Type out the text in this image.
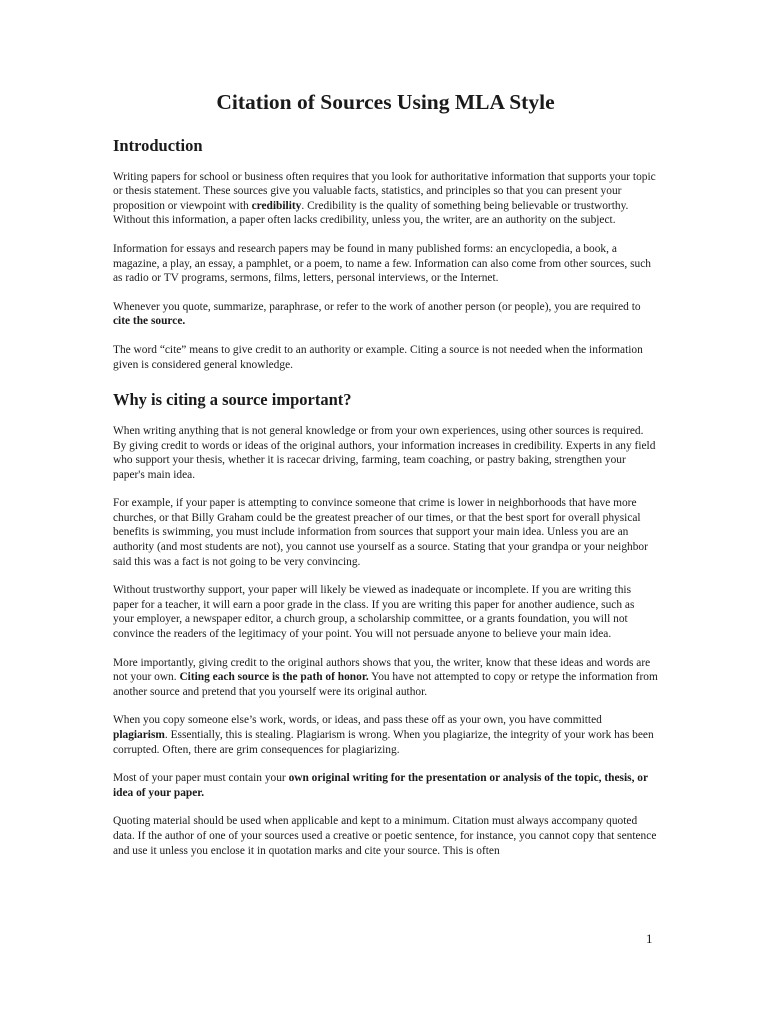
Citation of Sources Using MLA Style
Introduction

Writing papers for school or business often requires that you look for authoritative information that supports your topic or thesis statement. These sources give you valuable facts, statistics, and principles so that you can present your proposition or viewpoint with credibility. Credibility is the quality of something being believable or trustworthy. Without this information, a paper often lacks credibility, unless you, the writer, are an authority on the subject.

Information for essays and research papers may be found in many published forms: an encyclopedia, a book, a magazine, a play, an essay, a pamphlet, or a poem, to name a few. Information can also come from other sources, such as radio or TV programs, sermons, films, letters, personal interviews, or the Internet.

Whenever you quote, summarize, paraphrase, or refer to the work of another person (or people), you are required to cite the source.

The word “cite” means to give credit to an authority or example. Citing a source is not needed when the information given is considered general knowledge.

Why is citing a source important?

When writing anything that is not general knowledge or from your own experiences, using other sources is required. By giving credit to words or ideas of the original authors, your information increases in credibility. Experts in any field who support your thesis, whether it is racecar driving, farming, team coaching, or pastry baking, strengthen your paper's main idea.

For example, if your paper is attempting to convince someone that crime is lower in neighborhoods that have more churches, or that Billy Graham could be the greatest preacher of our times, or that the best sport for overall physical benefits is swimming, you must include information from sources that support your main idea. Unless you are an authority (and most students are not), you cannot use yourself as a source. Stating that your grandpa or your neighbor said this was a fact is not going to be very convincing.

Without trustworthy support, your paper will likely be viewed as inadequate or incomplete. If you are writing this paper for a teacher, it will earn a poor grade in the class. If you are writing this paper for another audience, such as your employer, a newspaper editor, a church group, a scholarship committee, or a grants foundation, you will not convince the readers of the legitimacy of your point. You will not persuade anyone to believe your main idea.

More importantly, giving credit to the original authors shows that you, the writer, know that these ideas and words are not your own. Citing each source is the path of honor. You have not attempted to copy or retype the information from another source and pretend that you yourself were its original author.

When you copy someone else’s work, words, or ideas, and pass these off as your own, you have committed plagiarism. Essentially, this is stealing. Plagiarism is wrong. When you plagiarize, the integrity of your work has been corrupted. Often, there are grim consequences for plagiarizing.

Most of your paper must contain your own original writing for the presentation or analysis of the topic, thesis, or idea of your paper.

Quoting material should be used when applicable and kept to a minimum. Citation must always accompany quoted data. If the author of one of your sources used a creative or poetic sentence, for instance, you cannot copy that sentence and use it unless you enclose it in quotation marks and cite your source. This is often

1
